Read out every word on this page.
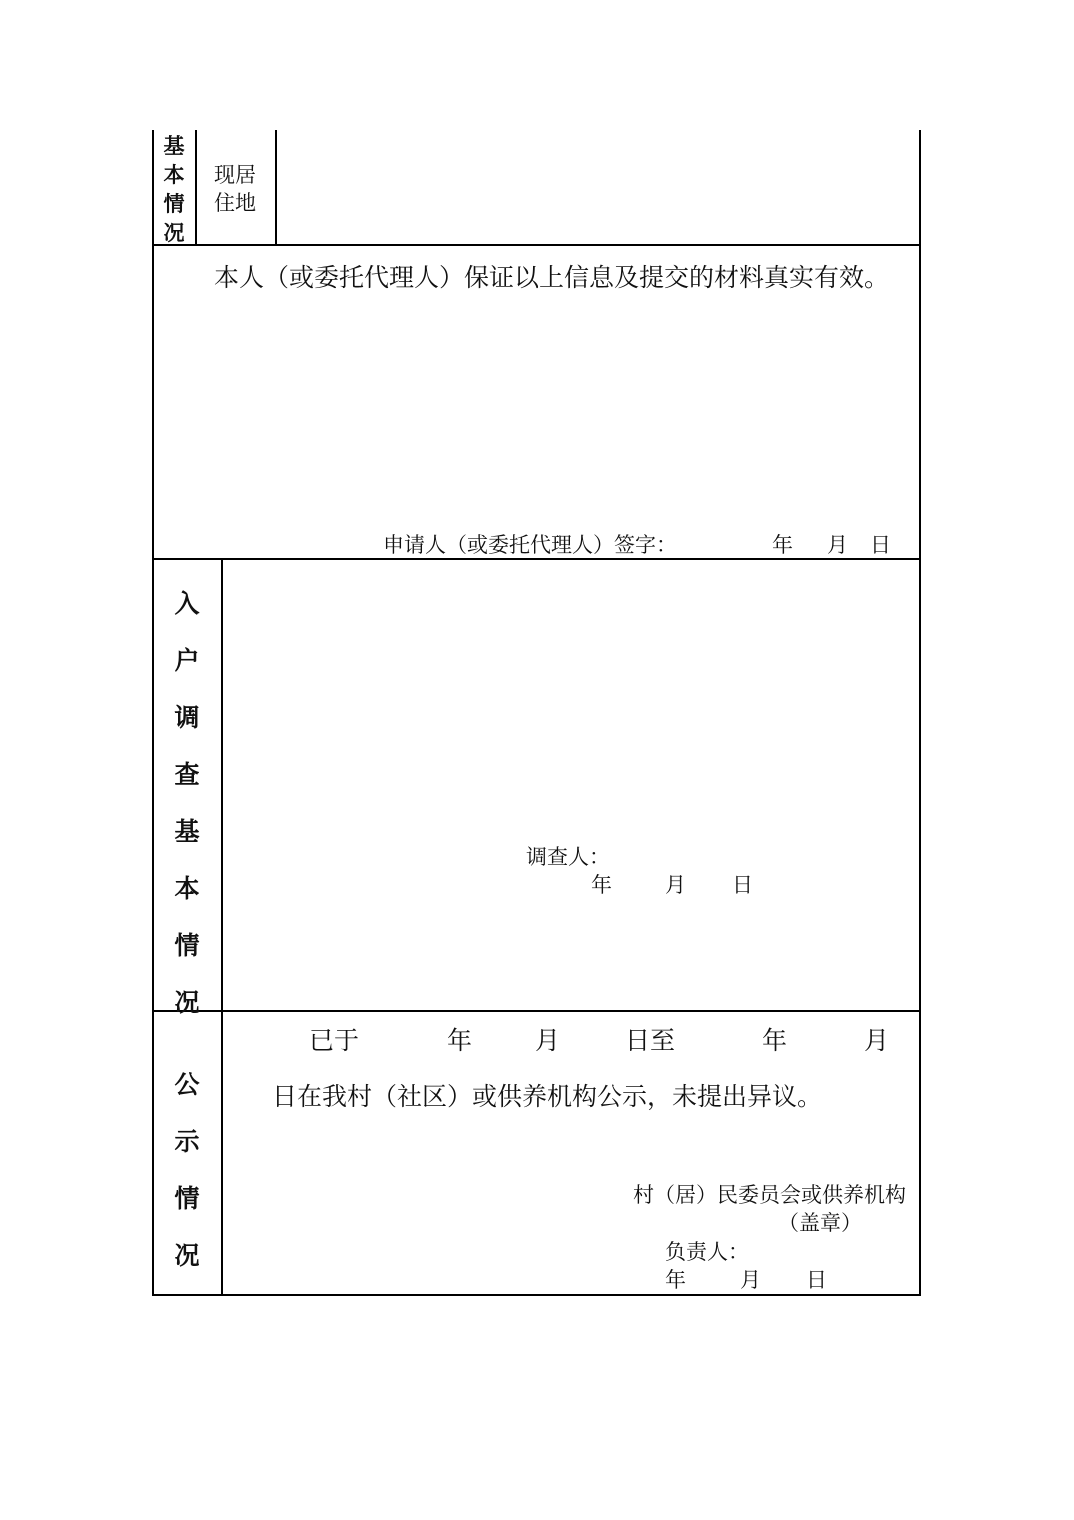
基
本
情
况
现居
住地
本人（或委托代理人）保证以上信息及提交的材料真实有效。
申请人（或委托代理人）签字：	年 月 日
入
户
调
查
基
本
情
况
调查人：
年	月 日
公
示
情
况
已于	年	月	日至	年	月
日在我村（社区）或供养机构公示，未提出异议。
村（居）民委员会或供养机构
（盖章）
负责人：
年	月 日
